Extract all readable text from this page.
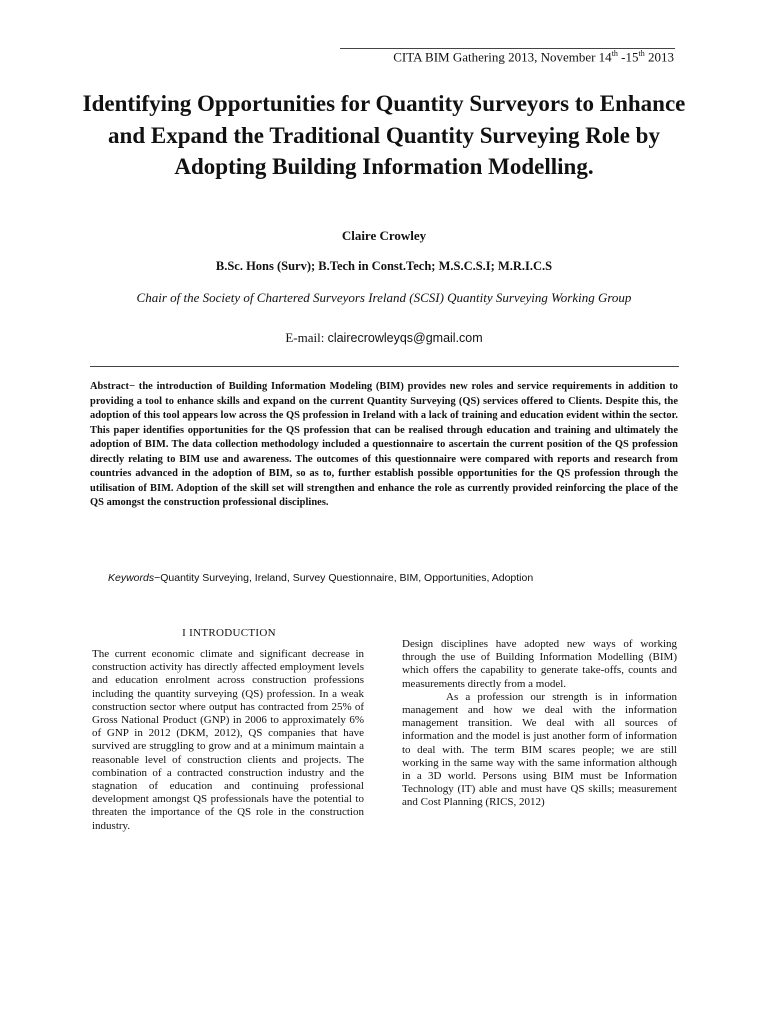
CITA BIM Gathering 2013, November 14th -15th 2013
Identifying Opportunities for Quantity Surveyors to Enhance and Expand the Traditional Quantity Surveying Role by Adopting Building Information Modelling.
Claire Crowley
B.Sc. Hons (Surv); B.Tech in Const.Tech; M.S.C.S.I; M.R.I.C.S
Chair of the Society of Chartered Surveyors Ireland (SCSI) Quantity Surveying Working Group
E-mail: clairecrowleyqs@gmail.com
Abstract− the introduction of Building Information Modeling (BIM) provides new roles and service requirements in addition to providing a tool to enhance skills and expand on the current Quantity Surveying (QS) services offered to Clients. Despite this, the adoption of this tool appears low across the QS profession in Ireland with a lack of training and education evident within the sector. This paper identifies opportunities for the QS profession that can be realised through education and training and ultimately the adoption of BIM. The data collection methodology included a questionnaire to ascertain the current position of the QS profession directly relating to BIM use and awareness. The outcomes of this questionnaire were compared with reports and research from countries advanced in the adoption of BIM, so as to, further establish possible opportunities for the QS profession through the utilisation of BIM. Adoption of the skill set will strengthen and enhance the role as currently provided reinforcing the place of the QS amongst the construction professional disciplines.
Keywords−Quantity Surveying, Ireland, Survey Questionnaire, BIM, Opportunities, Adoption
I INTRODUCTION

The current economic climate and significant decrease in construction activity has directly affected employment levels and education enrolment across construction professions including the quantity surveying (QS) profession. In a weak construction sector where output has contracted from 25% of Gross National Product (GNP) in 2006 to approximately 6% of GNP in 2012 (DKM, 2012), QS companies that have survived are struggling to grow and at a minimum maintain a reasonable level of construction clients and projects. The combination of a contracted construction industry and the stagnation of education and continuing professional development amongst QS professionals have the potential to threaten the importance of the QS role in the construction industry.

Design disciplines have adopted new ways of working through the use of Building Information Modelling (BIM) which offers the capability to generate take-offs, counts and measurements directly from a model.

As a profession our strength is in information management and how we deal with the information management transition. We deal with all sources of information and the model is just another form of information to deal with. The term BIM scares people; we are still working in the same way with the same information although in a 3D world. Persons using BIM must be Information Technology (IT) able and must have QS skills; measurement and Cost Planning (RICS, 2012)
